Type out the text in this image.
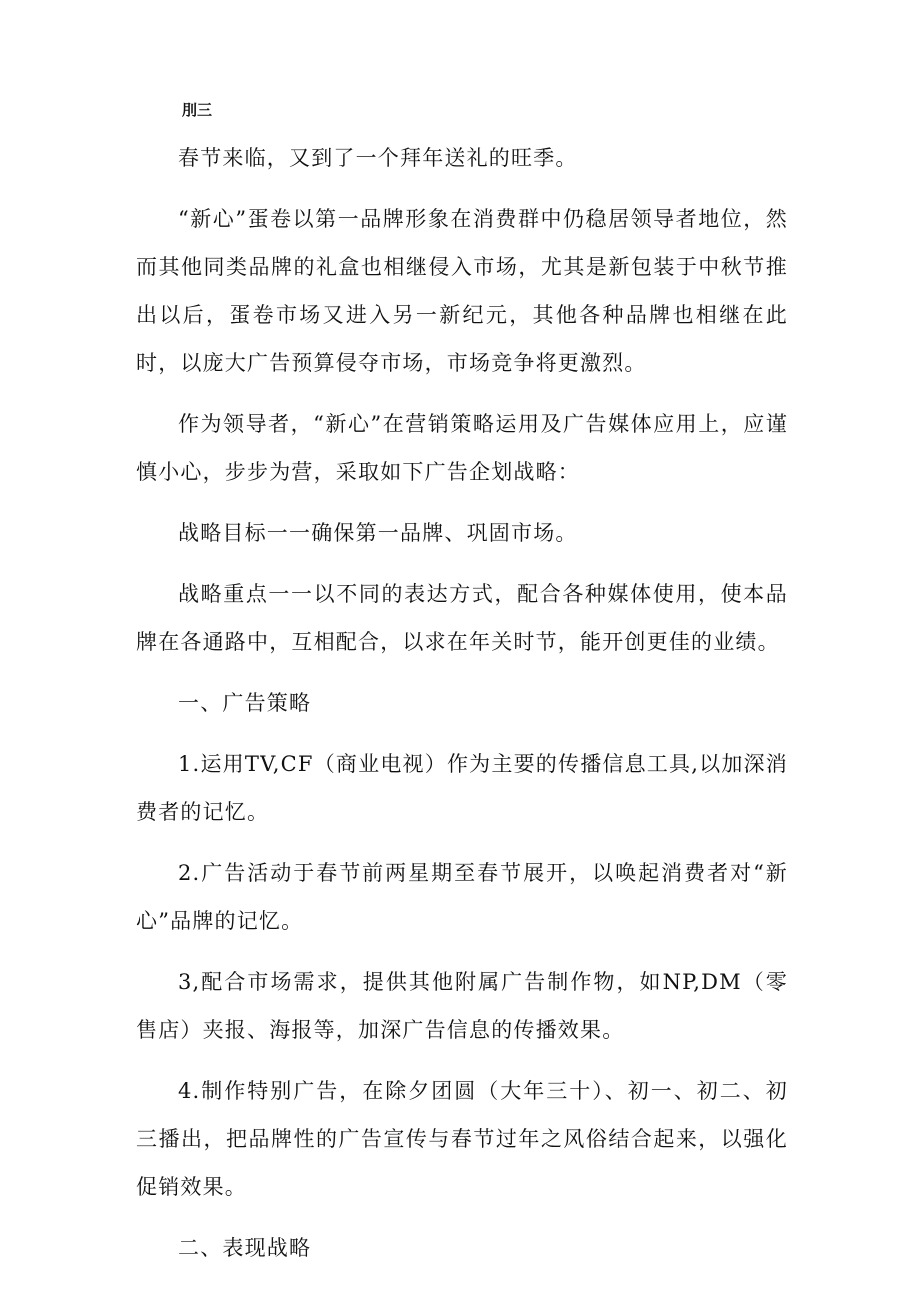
刖三

春节来临，又到了一个拜年送礼的旺季。

“新心”蛋卷以第一品牌形象在消费群中仍稳居领导者地位，然而其他同类品牌的礼盒也相继侵入市场，尤其是新包装于中秋节推出以后，蛋卷市场又进入另一新纪元，其他各种品牌也相继在此时，以庞大广告预算侵夺市场，市场竞争将更激烈。

作为领导者，“新心”在营销策略运用及广告媒体应用上，应谨慎小心，步步为营，采取如下广告企划战略：

战略目标一一确保第一品牌、巩固市场。

战略重点一一以不同的表达方式，配合各种媒体使用，使本品牌在各通路中，互相配合，以求在年关时节，能开创更佳的业绩。

一、广告策略

1.运用TV,CF（商业电视）作为主要的传播信息工具,以加深消费者的记忆。

2.广告活动于春节前两星期至春节展开，以唤起消费者对“新心”品牌的记忆。

3,配合市场需求，提供其他附属广告制作物，如NP,DM（零售店）夹报、海报等，加深广告信息的传播效果。

4.制作特别广告，在除夕团圆（大年三十）、初一、初二、初三播出，把品牌性的广告宣传与春节过年之风俗结合起来，以强化促销效果。

二、表现战略
